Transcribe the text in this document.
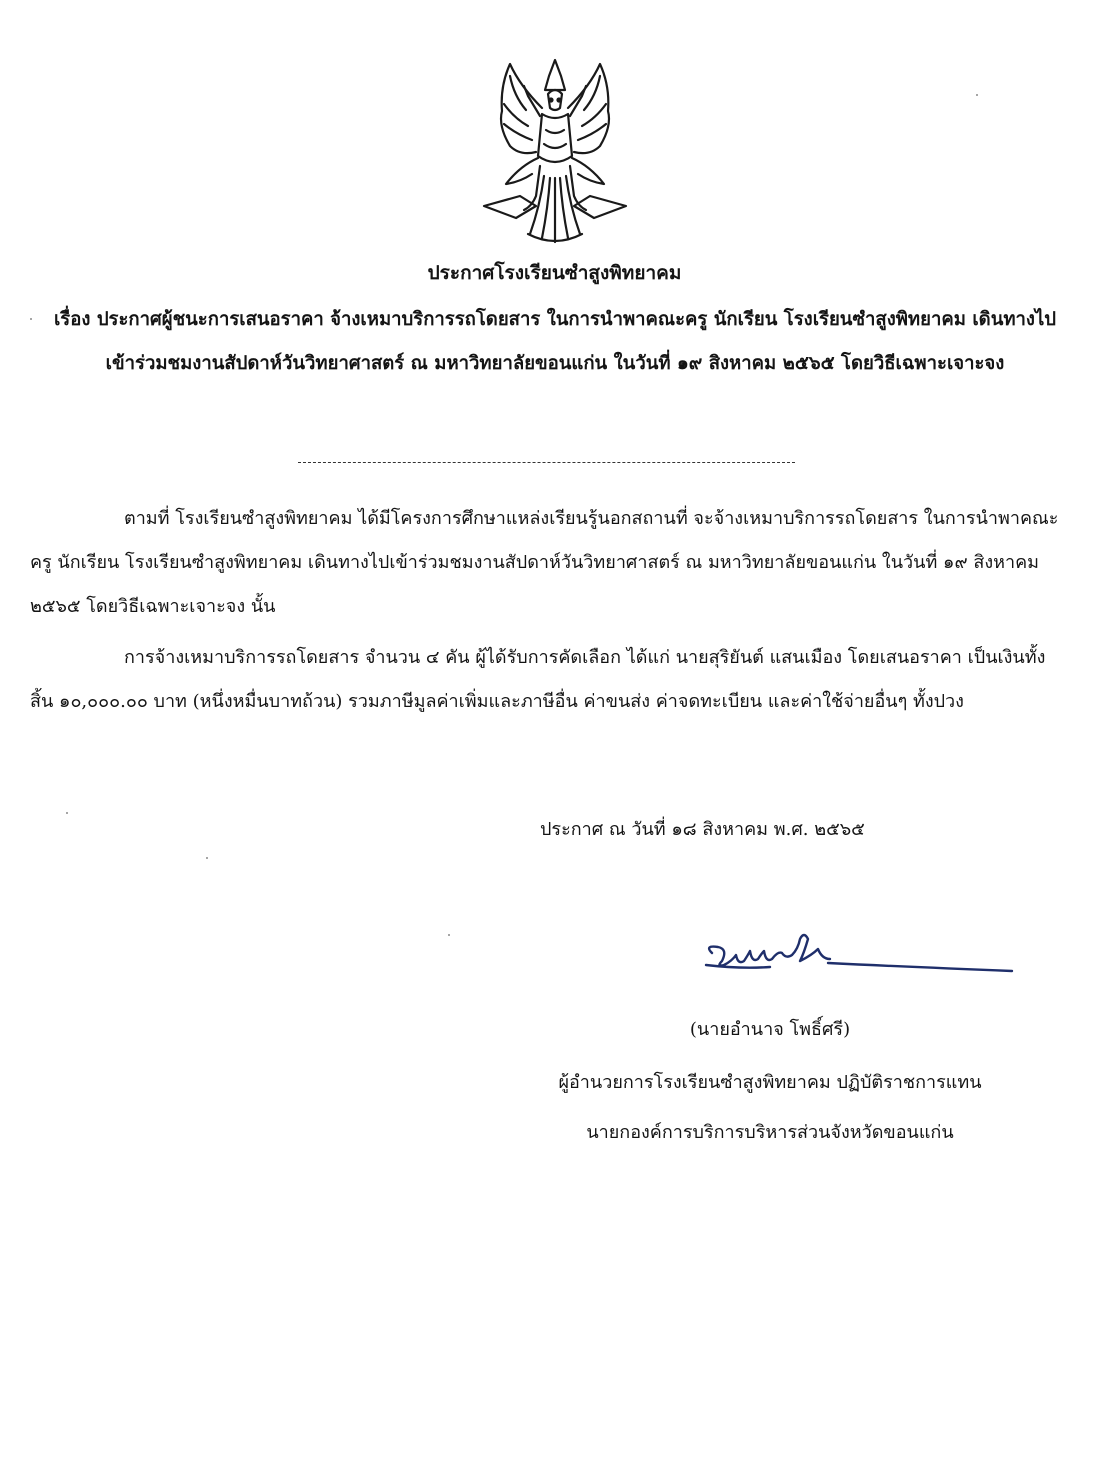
ประกาศโรงเรียนซำสูงพิทยาคม
เรื่อง ประกาศผู้ชนะการเสนอราคา จ้างเหมาบริการรถโดยสาร ในการนำพาคณะครู นักเรียน โรงเรียนซำสูงพิทยาคม เดินทางไปเข้าร่วมชมงานสัปดาห์วันวิทยาศาสตร์ ณ มหาวิทยาลัยขอนแก่น ในวันที่ ๑๙ สิงหาคม ๒๕๖๕ โดยวิธีเฉพาะเจาะจง

ตามที่ โรงเรียนซำสูงพิทยาคม ได้มีโครงการศึกษาแหล่งเรียนรู้นอกสถานที่ จะจ้างเหมาบริการรถโดยสาร ในการนำพาคณะครู นักเรียน โรงเรียนซำสูงพิทยาคม เดินทางไปเข้าร่วมชมงานสัปดาห์วันวิทยาศาสตร์ ณ มหาวิทยาลัยขอนแก่น ในวันที่ ๑๙ สิงหาคม ๒๕๖๕ โดยวิธีเฉพาะเจาะจง นั้น

การจ้างเหมาบริการรถโดยสาร จำนวน ๔ คัน ผู้ได้รับการคัดเลือก ได้แก่ นายสุริยันต์ แสนเมือง โดยเสนอราคา เป็นเงินทั้งสิ้น ๑๐,๐๐๐.๐๐ บาท (หนึ่งหมื่นบาทถ้วน) รวมภาษีมูลค่าเพิ่มและภาษีอื่น ค่าขนส่ง ค่าจดทะเบียน และค่าใช้จ่ายอื่นๆ ทั้งปวง

ประกาศ ณ วันที่ ๑๘ สิงหาคม พ.ศ. ๒๕๖๕
(นายอำนาจ โพธิ์ศรี)
ผู้อำนวยการโรงเรียนซำสูงพิทยาคม ปฏิบัติราชการแทน
นายกองค์การบริการบริหารส่วนจังหวัดขอนแก่น
